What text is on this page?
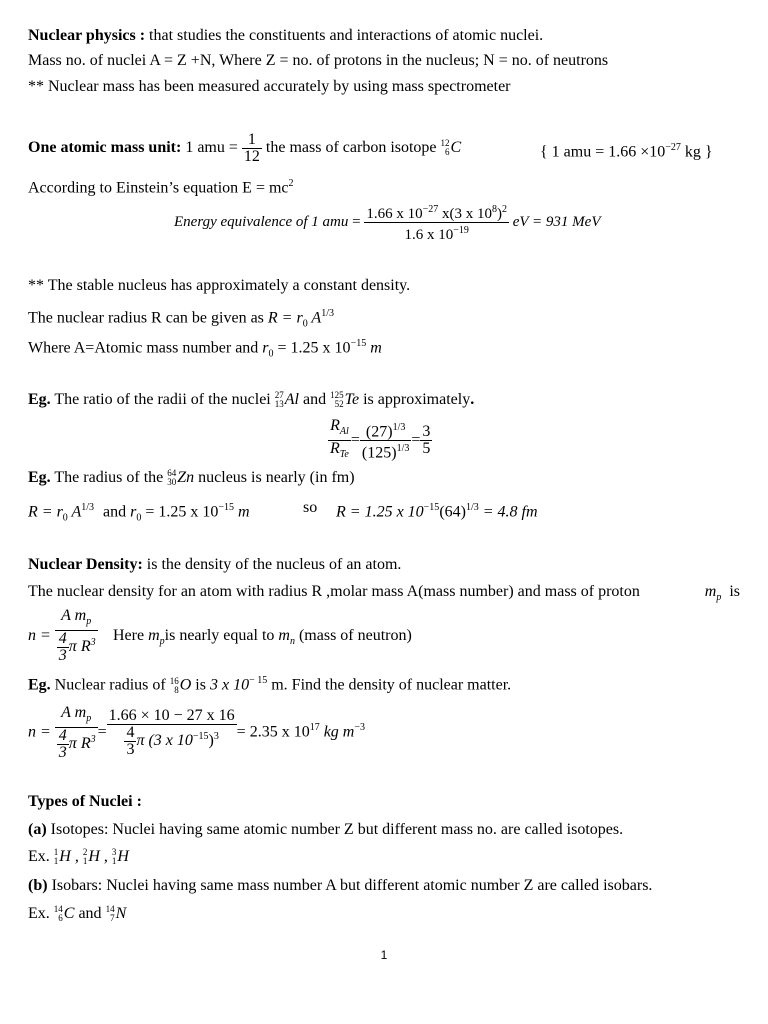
Nuclear physics : that studies the constituents and interactions of atomic nuclei.
Mass no. of nuclei A = Z +N, Where Z = no. of protons in the nucleus; N = no. of neutrons
** Nuclear mass has been measured accurately by using mass spectrometer
One atomic mass unit: 1 amu = $\frac{1}{12}$ the mass of carbon isotope 12
6 C	{ 1 amu = $1.66 \times 10^{-27}$ kg }
According to Einstein’s equation $E = mc^2$
Energy equivalence of 1 amu = $\frac{1.66 x 10^{-27} x(3 x 10^8)^2}{1.6 x 10^{-19}}$ eV = 931 MeV
** The stable nucleus has approximately a constant density.
The nuclear radius R can be given as $R = r_0$ $A^{1/3}$
Where A=Atomic mass number and $r_0 = 1.25$ x $10^{-15}$ m
Eg. The ratio of the radii of the nuclei 27
13 Al and 125
52 Te is approximately.
$\frac{R_{Al}}{R_{Te}} = \frac{(27)^{1/3}}{(125)^{1/3}} = \frac{3}{5}$
Eg. The radius of the 64
30 Zn nucleus is nearly (in fm)
$R = r_0$ $A^{1/3}$ and $r_0 = 1.25$ x $10^{-15}$ m	so R = 1.25 x $10^{-15}(64)^{1/3} = 4.8$ fm
Nuclear Density: is the density of the nucleus of an atom.
The nuclear density for an atom with radius R ,molar mass A(mass number) and mass of proton	$m_p$ is
$n = \frac{A m_p}{\frac{4}{3} \pi R^3}$ Here $m_pis$ nearly equal to $m_n$ (mass of neutron)
Eg. Nuclear radius of 16
8 O is 3 x $10^{- 15}$ m. Find the density of nuclear matter.
$n = \frac{A m_p}{\frac{4}{3} \pi R^3} = \frac{1.66 \times 10 - 27 x 16}{\frac{4}{3} \pi (3 x 10^{-15})^3} = 2.35$ x $10^{17}$ kg $m^{-3}$
Types of Nuclei :
(a) Isotopes: Nuclei having same atomic number Z but different mass no. are called isotopes.
Ex. 1
1 H , 2
1 H , 3
1 H
(b) Isobars: Nuclei having same mass number A but different atomic number Z are called isobars.
Ex. 14
6 C and 14
7 N
1
